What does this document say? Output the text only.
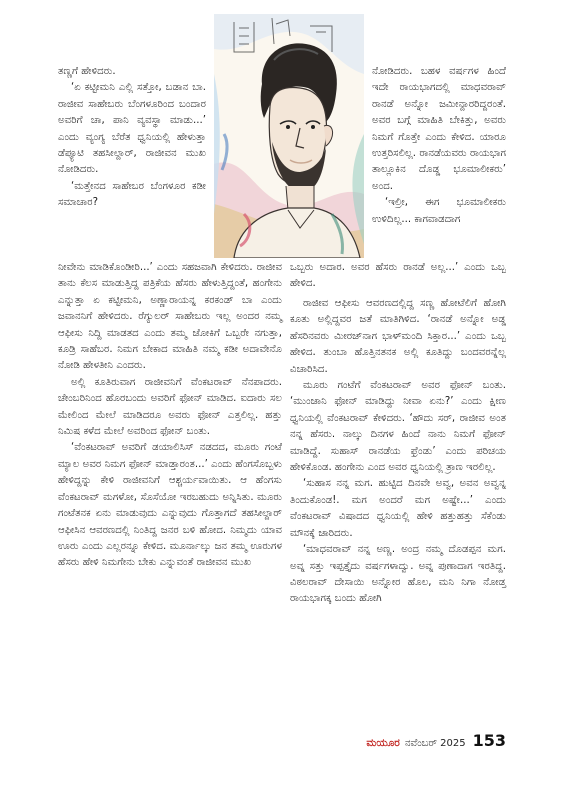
ತಣ್ಣಗೆ ಹೇಳಿದರು.

‘ಏ ಕಟ್ಟೀಮನಿ ಎಲ್ಲಿ ಸತ್ತೋ, ಬಡಾನ ಬಾ. ರಾಜೀವ ಸಾಹೇಬರು ಬೆಂಗಳೂರಿಂದ ಬಂದಾರ ಅವರಿಗೆ ಚಾ, ಪಾನಿ ವ್ಯವಸ್ಥಾ ಮಾಡು...’ ಎಂದು ವ್ಯಂಗ್ಯ ಬೆರೆತ ಧ್ವನಿಯಲ್ಲಿ ಹೇಳುತ್ತಾ ಡೆಪ್ಯೂಟಿ ತಹಸೀಲ್ದಾರ್, ರಾಜೀವನ ಮುಖ ನೋಡಿದರು.

‘ಮತ್ತೇನದ ಸಾಹೇಬರ ಬೆಂಗಳೂರ ಕಡೀ ಸಮಾಚಾರ?

ನೋಡಿದರು. ಬಹಳ ವರ್ಷಗಳ ಹಿಂದೆ ಇದೇ ರಾಯಭಾಗದಲ್ಲಿ ಮಾಧವರಾವ್ ರಾನಡೆ ಅನ್ನೋ ಜಮೀನ್ದಾರರಿದ್ದರಂತೆ. ಅವರ ಬಗ್ಗೆ ಮಾಹಿತಿ ಬೇಕಿತ್ತು, ಅವರು ನಿಮಗೆ ಗೊತ್ತೇ ಎಂದು ಕೇಳಿದ. ಯಾರೂ ಉತ್ತರಿಸಲಿಲ್ಲ. ರಾನಡೆಯವರು ರಾಯಭಾಗ ತಾಲ್ಲೂಕಿನ ದೊಡ್ಡ ಭೂಮಾಲೀಕರು’ ಅಂದ.

‘ಇಲ್ರೀ, ಈಗ ಭೂಮಾಲೀಕರು ಉಳಿದಿಲ್ಲ... ಕಾಗವಾಡದಾಗ

ನೀವೇನು ಮಾಡಿಕೊಂಡೀರಿ...’ ಎಂದು ಸಹಜವಾಗಿ ಕೇಳಿದರು. ರಾಜೀವ ತಾನು ಕೆಲಸ ಮಾಡುತ್ತಿದ್ದ ಪತ್ರಿಕೆಯ ಹೆಸರು ಹೇಳುತ್ತಿದ್ದಂತೆ, ಹಂಗೇನು ಎನ್ನುತ್ತಾ ಏ ಕಟ್ಟೀಮನಿ, ಅಣ್ಣಾರಾಯನ್ನ ಕರಕಂಡ್ ಬಾ ಎಂದು ಜವಾನನಿಗೆ ಹೇಳಿದರು. ರೆಗ್ಯುಲರ್ ಸಾಹೇಬರು ಇಲ್ಲ ಅಂದರ ನಮ್ಮ ಆಫೀಸು ನಿದ್ದಿ ಮಾಡತದ ಎಂದು ತಮ್ಮ ಜೋಕಿಗೆ ಒಬ್ಬರೇ ನಗುತ್ತಾ, ಕೂಡ್ರಿ ಸಾಹೆಬರ. ನಿಮಗ ಬೇಕಾದ ಮಾಹಿತಿ ನಮ್ಮ ಕಡೀ ಅದಾವೇನೊ ನೋಡಿ ಹೇಳತೀನಿ ಎಂದರು.

ಅಲ್ಲಿ ಕೂತಿರುವಾಗ ರಾಜೀವನಿಗೆ ವೆಂಕಟರಾವ್ ನೆನಪಾದರು. ಚೇಂಬರಿನಿಂದ ಹೊರಬಂದು ಅವರಿಗೆ ಫೋನ್ ಮಾಡಿದ. ಐದಾರು ಸಲ ಮೇಲಿಂದ ಮೇಲೆ ಮಾಡಿದರೂ ಅವರು ಫೋನ್ ಎತ್ತಲಿಲ್ಲ. ಹತ್ತು ನಿಮಿಷ ಕಳೆದ ಮೇಲೆ ಅವರಿಂದ ಫೋನ್ ಬಂತು.

‘ವೆಂಕಟರಾವ್ ಅವರಿಗೆ ಡಯಾಲಿಸಿಸ್ ನಡದದ, ಮೂರು ಗಂಟೆ ಮ್ಯಾಲ ಅವರ ನಿಮಗ ಫೋನ್ ಮಾಡ್ತಾರಂತ...’ ಎಂದು ಹೆಂಗಸೊಬ್ಬಳು ಹೇಳಿದ್ದನ್ನು ಕೇಳಿ ರಾಜೀವನಿಗೆ ಆಶ್ಚರ್ಯವಾಯಿತು. ಆ ಹೆಂಗಸು ವೆಂಕಟರಾವ್ ಮಗಳೋ, ಸೊಸೆಯೋ ಇರಬಹುದು ಅನ್ನಿಸಿತು. ಮೂರು ಗಂಟೆತನಕ ಏನು ಮಾಡುವುದು ಎನ್ನುವುದು ಗೊತ್ತಾಗದೆ ತಹಸೀಲ್ದಾರ್ ಆಫೀಸಿನ ಆವರಣದಲ್ಲಿ ನಿಂತಿದ್ದ ಜನರ ಬಳಿ ಹೋದ. ನಿಮ್ಮದು ಯಾವ ಊರು ಎಂದು ಎಲ್ಲರನ್ನೂ ಕೇಳಿದ. ಮೂರ್ನಾಲ್ಕು ಜನ ತಮ್ಮ ಊರುಗಳ ಹೆಸರು ಹೇಳಿ ನಿಮಗೇನು ಬೇಕು ಎನ್ನುವಂತೆ ರಾಜೀವನ ಮುಖ

ಒಬ್ಬರು ಅದಾರ. ಅವರ ಹೆಸರು ರಾನಡೆ ಅಲ್ಲ...’ ಎಂದು ಒಬ್ಬ ಹೇಳಿದ.

ರಾಜೀವ ಆಫೀಸು ಆವರಣದಲ್ಲಿದ್ದ ಸಣ್ಣ ಹೋಟೆಲಿಗೆ ಹೋಗಿ ಕೂತು ಅಲ್ಲಿದ್ದವರ ಜತೆ ಮಾತಿಗಿಳಿದ. ‘ರಾನಡೆ ಅನ್ನೋ ಅಡ್ಡ ಹೆಸರಿನವರು ಮೀರಜ್‌ನಾಗ ಭಾಳ್‌ಮಂದಿ ಸಿಕ್ತಾರ...’ ಎಂದು ಒಬ್ಬ ಹೇಳಿದ. ತುಂಬಾ ಹೊತ್ತಿನತನಕ ಅಲ್ಲಿ ಕೂತಿದ್ದು ಬಂದವರನ್ನೆಲ್ಲ ವಿಚಾರಿಸಿದ.

ಮೂರು ಗಂಟೆಗೆ ವೆಂಕಟರಾವ್ ಅವರ ಫೋನ್ ಬಂತು. ‘ಮುಂಜಾನಿ ಫೋನ್ ಮಾಡಿದ್ದು ನೀವಾ ಏನು?’ ಎಂದು ಕ್ಷೀಣ ಧ್ವನಿಯಲ್ಲಿ ವೆಂಕಟರಾವ್ ಕೇಳಿದರು. ‘ಹೌದು ಸರ್, ರಾಜೀವ ಅಂತ ನನ್ನ ಹೆಸರು. ನಾಲ್ಕು ದಿನಗಳ ಹಿಂದೆ ನಾನು ನಿಮಗೆ ಫೋನ್ ಮಾಡಿದ್ದೆ. ಸುಹಾಸ್ ರಾನಡೆಯ ಫ್ರೆಂಡು’ ಎಂದು ಪರಿಚಯ ಹೇಳಿಕೊಂಡ. ಹಂಗೇನು ಎಂದ ಅವರ ಧ್ವನಿಯಲ್ಲಿ ತ್ರಾಣ ಇರಲಿಲ್ಲ.

‘ಸುಹಾಸ ನನ್ನ ಮಗ. ಹುಟ್ಟಿದ ದಿನವೇ ಅವ್ವ, ಅವನ ಅವ್ವನ್ನ ತಿಂದುಕೊಂಡ!. ಮಗ ಅಂದರೆ ಮಗ ಅಷ್ಟೇ...’ ಎಂದು ವೆಂಕಟರಾವ್ ವಿಷಾದದ ಧ್ವನಿಯಲ್ಲಿ ಹೇಳಿ ಹತ್ತುಹತ್ತು ಸೆಕೆಂಡು ಮೌನಕ್ಕೆ ಜಾರಿದರು.

‘ಮಾಧವರಾವ್ ನನ್ನ ಅಣ್ಣ. ಅಂದ್ರ ನಮ್ಮ ದೊಡಪ್ಪನ ಮಗ. ಅವ್ನ ಸತ್ತು ಇಪ್ಪತ್ತೈದು ವರ್ಷಗಳಾದ್ವು. ಅವ್ನ ಪುಣಾದಾಗ ಇರತಿದ್ದ. ವಿಠಲರಾವ್ ದೇಸಾಯಿ ಅನ್ನೋರ ಹೊಲ, ಮನಿ ನಿಗಾ ನೋಡ್ತ ರಾಯಭಾಗಕ್ಕ ಬಂದು ಹೋಗಿ

ಮಯೂರ ನವೆಂಬರ್ 2025 153
